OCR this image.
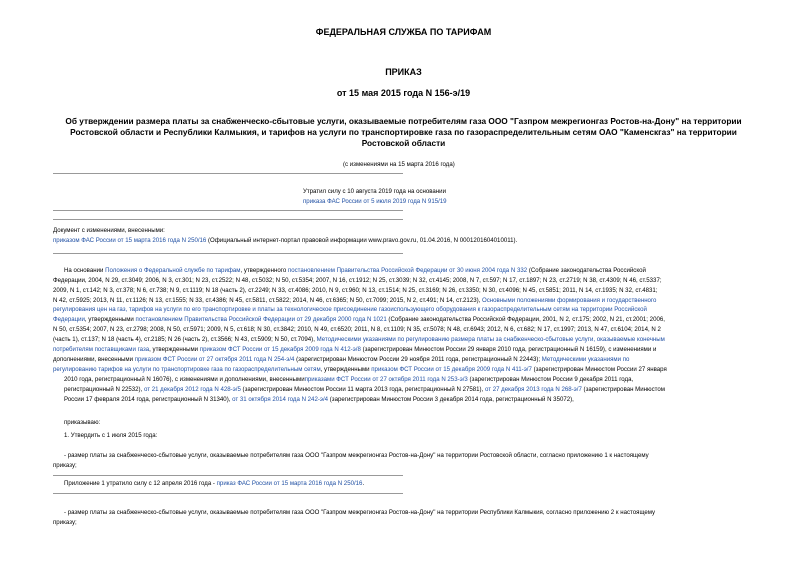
ФЕДЕРАЛЬНАЯ СЛУЖБА ПО ТАРИФАМ
ПРИКАЗ
от 15 мая 2015 года N 156-э/19
Об утверждении размера платы за снабженческо-сбытовые услуги, оказываемые потребителям газа ООО "Газпром межрегионгаз Ростов-на-Дону" на территории
Ростовской области и Республики Калмыкия, и тарифов на услуги по транспортировке газа по газораспределительным сетям ОАО "Каменскгаз" на территории
Ростовской области
(с изменениями на 15 марта 2016 года)
Утратил силу с 10 августа 2019 года на основании
приказа ФАС России от 5 июля 2019 года N 915/19
Документ с изменениями, внесенными:
приказом ФАС России от 15 марта 2016 года N 250/16 (Официальный интернет-портал правовой информации www.pravo.gov.ru, 01.04.2016, N 0001201604010011).
На основании Положения о Федеральной службе по тарифам, утвержденного постановлением Правительства Российской Федерации от 30 июня 2004 года N 332 (Собрание законодательства Российской
Федерации, 2004, N 29, ст.3049; 2006, N 3, ст.301; N 23, ст.2522; N 48, ст.5032; N 50, ст.5354; 2007, N 16, ст.1912; N 25, ст.3039; N 32, ст.4145; 2008, N 7, ст.597; N 17, ст.1897; N 23, ст.2719; N 38, ст.4309; N 46, ст.5337;
2009, N 1, ст.142; N 3, ст.378; N 6, ст.738; N 9, ст.1119; N 18 (часть 2), ст.2249; N 33, ст.4086; 2010, N 9, ст.960; N 13, ст.1514; N 25, ст.3169; N 26, ст.3350; N 30, ст.4096; N 45, ст.5851; 2011, N 14, ст.1935; N 32, ст.4831;
N 42, ст.5925; 2013, N 11, ст.1126; N 13, ст.1555; N 33, ст.4386; N 45, ст.5811, ст.5822; 2014, N 46, ст.6365; N 50, ст.7099; 2015, N 2, ст.491; N 14, ст.2123), Основными положениями формирования и государственного
регулирования цен на газ, тарифов на услуги по его транспортировке и платы за технологическое присоединение газоиспользующего оборудования к газораспределительным сетям на территории Российской
Федерации, утвержденными постановлением Правительства Российской Федерации от 29 декабря 2000 года N 1021 (Собрание законодательства Российской Федерации, 2001, N 2, ст.175; 2002, N 21, ст.2001; 2006,
N 50, ст.5354; 2007, N 23, ст.2798; 2008, N 50, ст.5971; 2009, N 5, ст.618; N 30, ст.3842; 2010, N 49, ст.6520; 2011, N 8, ст.1109; N 35, ст.5078; N 48, ст.6943; 2012, N 6, ст.682; N 17, ст.1997; 2013, N 47, ст.6104; 2014, N 2
(часть 1), ст.137; N 18 (часть 4), ст.2185; N 26 (часть 2), ст.3566; N 43, ст.5909; N 50, ст.7094), Методическими указаниями по регулированию размера платы за снабженческо-сбытовые услуги, оказываемые конечным
потребителям поставщиками газа, утвержденными приказом ФСТ России от 15 декабря 2009 года N 412-э/8 (зарегистрирован Минюстом России 29 января 2010 года, регистрационный N 16159), с изменениями и
дополнениями, внесенными приказом ФСТ России от 27 октября 2011 года N 254-э/4 (зарегистрирован Минюстом России 29 ноября 2011 года, регистрационный N 22443); Методическими указаниями по
регулированию тарифов на услуги по транспортировке газа по газораспределительным сетям, утвержденными приказом ФСТ России от 15 декабря 2009 года N 411-э/7 (зарегистрирован Минюстом России 27 января
2010 года, регистрационный N 16076), с изменениями и дополнениями, внесеннымиприказами ФСТ России от 27 октября 2011 года N 253-э/3 (зарегистрирован Минюстом России 9 декабря 2011 года,
регистрационный N 22532), от 21 декабря 2012 года N 428-э/5 (зарегистрирован Минюстом России 11 марта 2013 года, регистрационный N 27581), от 27 декабря 2013 года N 268-э/7 (зарегистрирован Минюстом
России 17 февраля 2014 года, регистрационный N 31340), от 31 октября 2014 года N 242-э/4 (зарегистрирован Минюстом России 3 декабря 2014 года, регистрационный N 35072),
приказываю:
1. Утвердить с 1 июля 2015 года:
- размер платы за снабженческо-сбытовые услуги, оказываемые потребителям газа ООО "Газпром межрегионгаз Ростов-на-Дону" на территории Ростовской области, согласно приложению 1 к настоящему
приказу;
Приложение 1 утратило силу с 12 апреля 2016 года - приказ ФАС России от 15 марта 2016 года N 250/16.
- размер платы за снабженческо-сбытовые услуги, оказываемые потребителям газа ООО "Газпром межрегионгаз Ростов-на-Дону" на территории Республики Калмыкия, согласно приложению 2 к настоящему
приказу;
